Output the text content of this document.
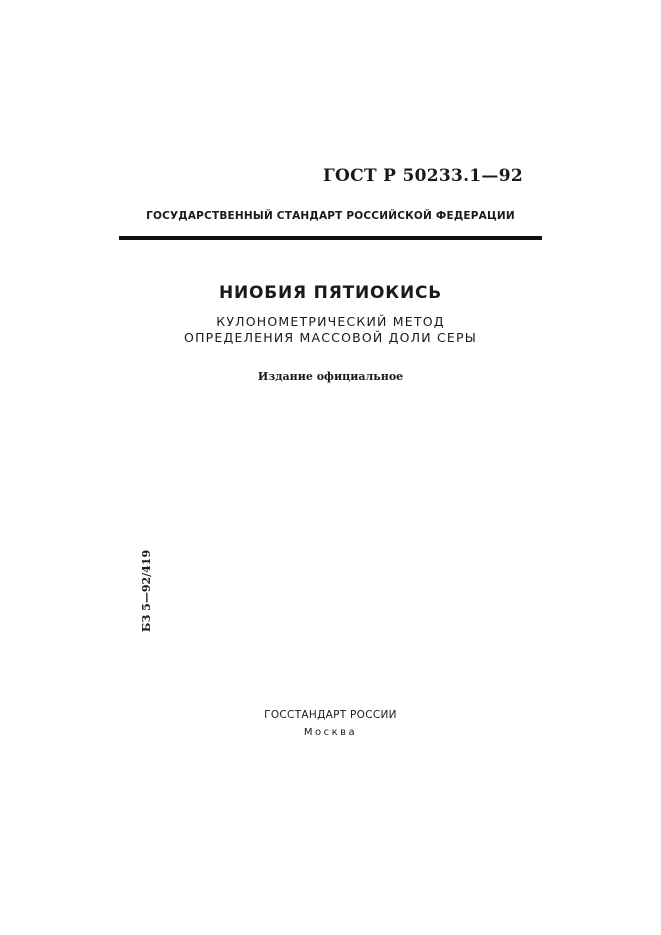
ГОСТ Р 50233.1—92
ГОСУДАРСТВЕННЫЙ СТАНДАРТ РОССИЙСКОЙ ФЕДЕРАЦИИ
НИОБИЯ ПЯТИОКИСЬ
КУЛОНОМЕТРИЧЕСКИЙ МЕТОД
ОПРЕДЕЛЕНИЯ МАССОВОЙ ДОЛИ СЕРЫ
Издание официальное
БЗ 5—92/419
ГОССТАНДАРТ РОССИИ
Москва
